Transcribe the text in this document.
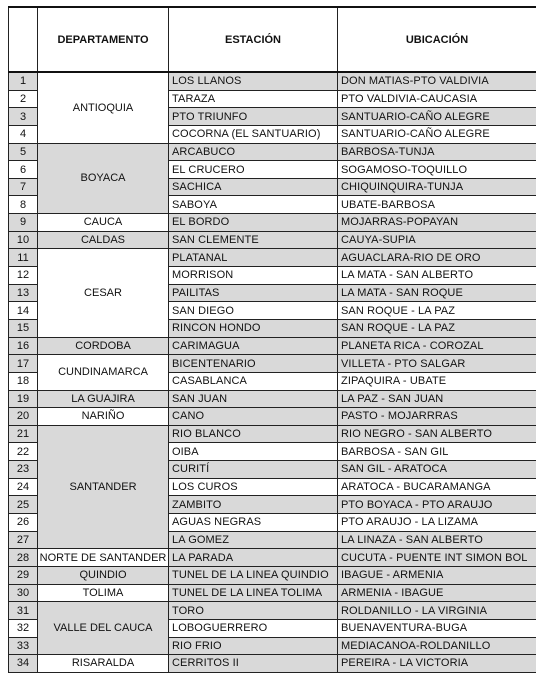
	DEPARTAMENTO	ESTACIÓN	UBICACIÓN
1	ANTIOQUIA	LOS LLANOS	DON MATIAS-PTO VALDIVIA
2		TARAZA	PTO VALDIVIA-CAUCASIA
3		PTO TRIUNFO	SANTUARIO-CAÑO ALEGRE
4		COCORNA (EL SANTUARIO)	SANTUARIO-CAÑO ALEGRE
5	BOYACA	ARCABUCO	BARBOSA-TUNJA
6		EL CRUCERO	SOGAMOSO-TOQUILLO
7		SACHICA	CHIQUINQUIRA-TUNJA
8		SABOYA	UBATE-BARBOSA
9	CAUCA	EL BORDO	MOJARRAS-POPAYAN
10	CALDAS	SAN CLEMENTE	CAUYA-SUPIA
11	CESAR	PLATANAL	AGUACLARA-RIO DE ORO
12		MORRISON	LA MATA - SAN ALBERTO
13		PAILITAS	LA MATA - SAN ROQUE
14		SAN DIEGO	SAN ROQUE - LA PAZ
15		RINCON HONDO	SAN ROQUE - LA PAZ
16	CORDOBA	CARIMAGUA	PLANETA RICA - COROZAL
17	CUNDINAMARCA	BICENTENARIO	VILLETA - PTO SALGAR
18		CASABLANCA	ZIPAQUIRA - UBATE
19	LA GUAJIRA	SAN JUAN	LA PAZ - SAN JUAN
20	NARIÑO	CANO	PASTO - MOJARRRAS
21	SANTANDER	RIO BLANCO	RIO NEGRO - SAN ALBERTO
22		OIBA	BARBOSA - SAN GIL
23		CURITÍ	SAN GIL - ARATOCA
24		LOS CUROS	ARATOCA - BUCARAMANGA
25		ZAMBITO	PTO BOYACA - PTO ARAUJO
26		AGUAS NEGRAS	PTO ARAUJO - LA LIZAMA
27		LA GOMEZ	LA LINAZA - SAN ALBERTO
28	NORTE DE SANTANDER	LA PARADA	CUCUTA - PUENTE INT SIMON BOL
29	QUINDIO	TUNEL DE LA LINEA QUINDIO	IBAGUE - ARMENIA
30	TOLIMA	TUNEL DE LA LINEA TOLIMA	ARMENIA - IBAGUE
31	VALLE DEL CAUCA	TORO	ROLDANILLO - LA VIRGINIA
32		LOBOGUERRERO	BUENAVENTURA-BUGA
33		RIO FRIO	MEDIACANOA-ROLDANILLO
34	RISARALDA	CERRITOS II	PEREIRA - LA VICTORIA
